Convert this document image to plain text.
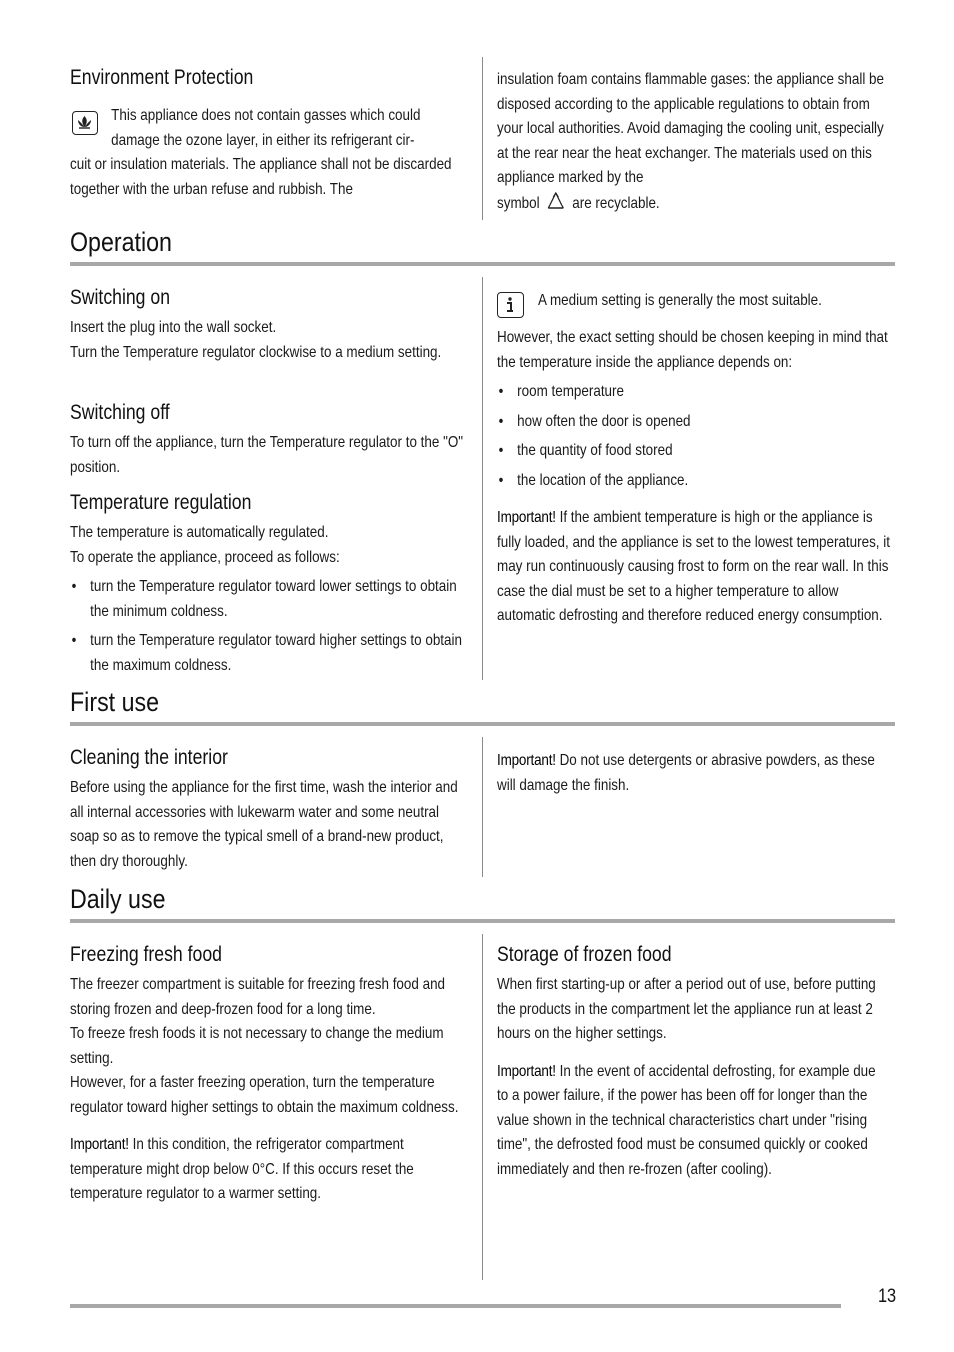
Environment Protection

This appliance does not contain gasses which could

damage the ozone layer, in either its refrigerant cir-

cuit or insulation materials. The appliance shall not be discarded together with the urban refuse and rubbish. The

insulation foam contains flammable gases: the appliance shall be disposed according to the applicable regulations to obtain from your local authorities. Avoid damaging the cooling unit, especially at the rear near the heat exchanger. The materials used on this appliance marked by the

symbol are recyclable.

Operation
Switching on

Insert the plug into the wall socket.

Turn the Temperature regulator clockwise to a medium setting.

Switching off

To turn off the appliance, turn the Temperature regulator to the "O" position.

Temperature regulation

The temperature is automatically regulated.

To operate the appliance, proceed as follows:

• turn the Temperature regulator toward lower settings to obtain the minimum coldness.
• turn the Temperature regulator toward higher settings to obtain the maximum coldness.

A medium setting is generally the most suitable.

However, the exact setting should be chosen keeping in mind that the temperature inside the appliance depends on:

• room temperature
• how often the door is opened
• the quantity of food stored
• the location of the appliance.

Important! If the ambient temperature is high or the appliance is fully loaded, and the appliance is set to the lowest temperatures, it may run continuously causing frost to form on the rear wall. In this case the dial must be set to a higher temperature to allow automatic defrosting and therefore reduced energy consumption.

First use
Cleaning the interior

Before using the appliance for the first time, wash the interior and all internal accessories with lukewarm water and some neutral soap so as to remove the typical smell of a brand-new product, then dry thoroughly.

Important! Do not use detergents or abrasive powders, as these will damage the finish.

Daily use
Freezing fresh food

The freezer compartment is suitable for freezing fresh food and storing frozen and deep-frozen food for a long time.

To freeze fresh foods it is not necessary to change the medium setting.

However, for a faster freezing operation, turn the temperature regulator toward higher settings to obtain the maximum coldness.

Important! In this condition, the refrigerator compartment temperature might drop below 0°C. If this occurs reset the temperature regulator to a warmer setting.

Storage of frozen food

When first starting-up or after a period out of use, before putting the products in the compartment let the appliance run at least 2 hours on the higher settings.

Important! In the event of accidental defrosting, for example due to a power failure, if the power has been off for longer than the value shown in the technical characteristics chart under "rising time", the defrosted food must be consumed quickly or cooked immediately and then re-frozen (after cooling).

13
